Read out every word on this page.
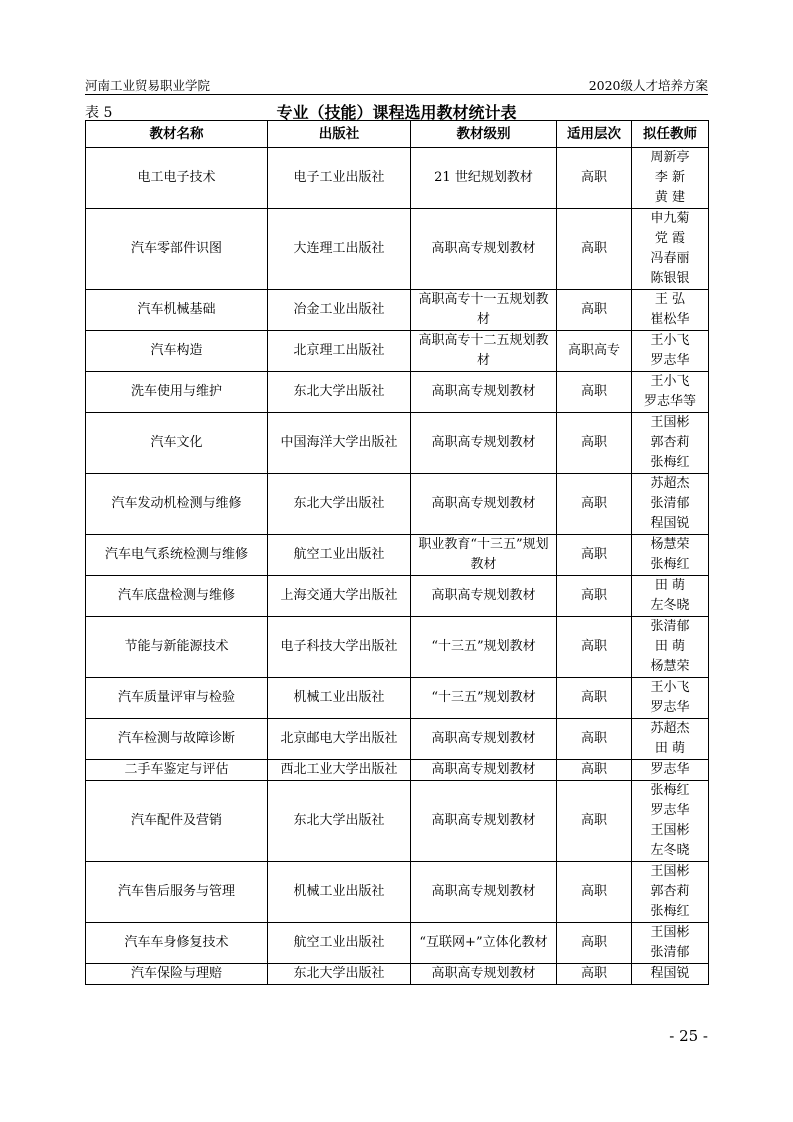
河南工业贸易职业学院	2020级人才培养方案
表 5	专业（技能）课程选用教材统计表
教材名称	出版社	教材级别	适用层次	拟任教师
电工电子技术	电子工业出版社	21 世纪规划教材	高职	周新亭
李 新
黄 建

汽车零部件识图	大连理工出版社	高职高专规划教材	高职	申九菊
党 霞
冯春丽
陈银银

汽车机械基础	冶金工业出版社	高职高专十一五规划教材	高职	王 弘
崔松华

汽车构造	北京理工出版社	高职高专十二五规划教材	高职高专	王小飞
罗志华

洗车使用与维护	东北大学出版社	高职高专规划教材	高职	王小飞
罗志华等

汽车文化	中国海洋大学出版社	高职高专规划教材	高职	王国彬
郭杏莉
张梅红

汽车发动机检测与维修	东北大学出版社	高职高专规划教材	高职	苏超杰
张清郁
程国锐

汽车电气系统检测与维修	航空工业出版社	职业教育“十三五”规划教材	高职	杨慧荣
张梅红

汽车底盘检测与维修	上海交通大学出版社	高职高专规划教材	高职	田 萌
左冬晓

节能与新能源技术	电子科技大学出版社	“十三五”规划教材	高职	张清郁
田 萌
杨慧荣

汽车质量评审与检验	机械工业出版社	“十三五”规划教材	高职	王小飞
罗志华

汽车检测与故障诊断	北京邮电大学出版社	高职高专规划教材	高职	苏超杰
田 萌

二手车鉴定与评估	西北工业大学出版社	高职高专规划教材	高职	罗志华

汽车配件及营销	东北大学出版社	高职高专规划教材	高职	张梅红
罗志华
王国彬
左冬晓

汽车售后服务与管理	机械工业出版社	高职高专规划教材	高职	王国彬
郭杏莉
张梅红

汽车车身修复技术	航空工业出版社	“互联网+”立体化教材	高职	王国彬
张清郁

汽车保险与理赔	东北大学出版社	高职高专规划教材	高职	程国锐
- 25 -
